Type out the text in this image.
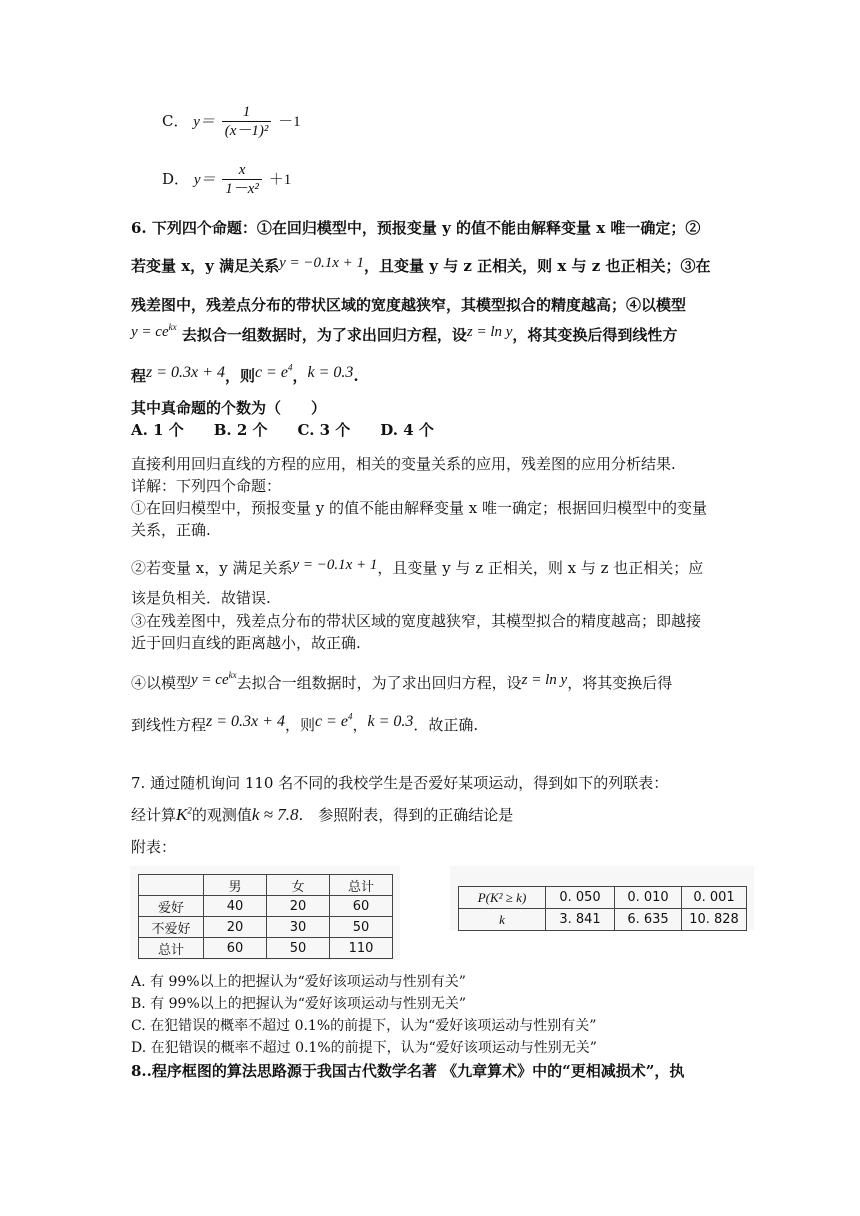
C． $y= \frac{1}{\text{(x－1)²}} -1$
D． $y= \frac{x}{\text{1－x²}} +1$
6. 下列四个命题：①在回归模型中，预报变量 y 的值不能由解释变量 x 唯一确定；②
若变量 x，y 满足关系y = −0.1x + 1，且变量 y 与 z 正相关，则 x 与 z 也正相关；③在
残差图中，残差点分布的带状区域的宽度越狭窄，其模型拟合的精度越高；④以模型
$y = ce^{kx}$ 去拟合一组数据时，为了求出回归方程，设z = ln y，将其变换后得到线性方
程z = 0.3x + 4，则$c = e^4$，k = 0.3.
其中真命题的个数为（　　）
A. 1 个　　B. 2 个　　C. 3 个　　D. 4 个
直接利用回归直线的方程的应用，相关的变量关系的应用，残差图的应用分析结果.
详解：下列四个命题：
①在回归模型中，预报变量 y 的值不能由解释变量 x 唯一确定；根据回归模型中的变量
关系，正确.
②若变量 x，y 满足关系y = −0.1x + 1，且变量 y 与 z 正相关，则 x 与 z 也正相关；应
该是负相关．故错误.
③在残差图中，残差点分布的带状区域的宽度越狭窄，其模型拟合的精度越高；即越接
近于回归直线的距离越小，故正确.
④以模型$y = ce^{kx}$去拟合一组数据时，为了求出回归方程，设z = ln y，将其变换后得
到线性方程z = 0.3x + 4，则$c = e^4$，k = 0.3．故正确.
7. 通过随机询问 110 名不同的我校学生是否爱好某项运动，得到如下的列联表：
经计算$K^2$的观测值k ≈ 7.8.　参照附表，得到的正确结论是
附表：
	男	女	总计
爱好	40	20	60
不爱好	20	30	50
总计	60	50	110
P(K² ≥ k)	0. 050	0. 010	0. 001
k	3. 841	6. 635	10. 828
A. 有 99%以上的把握认为“爱好该项运动与性别有关”
B. 有 99%以上的把握认为“爱好该项运动与性别无关”
C. 在犯错误的概率不超过 0.1%的前提下，认为“爱好该项运动与性别有关”
D. 在犯错误的概率不超过 0.1%的前提下，认为“爱好该项运动与性别无关”
8..程序框图的算法思路源于我国古代数学名著 《九章算术》中的“更相减损术”，执
